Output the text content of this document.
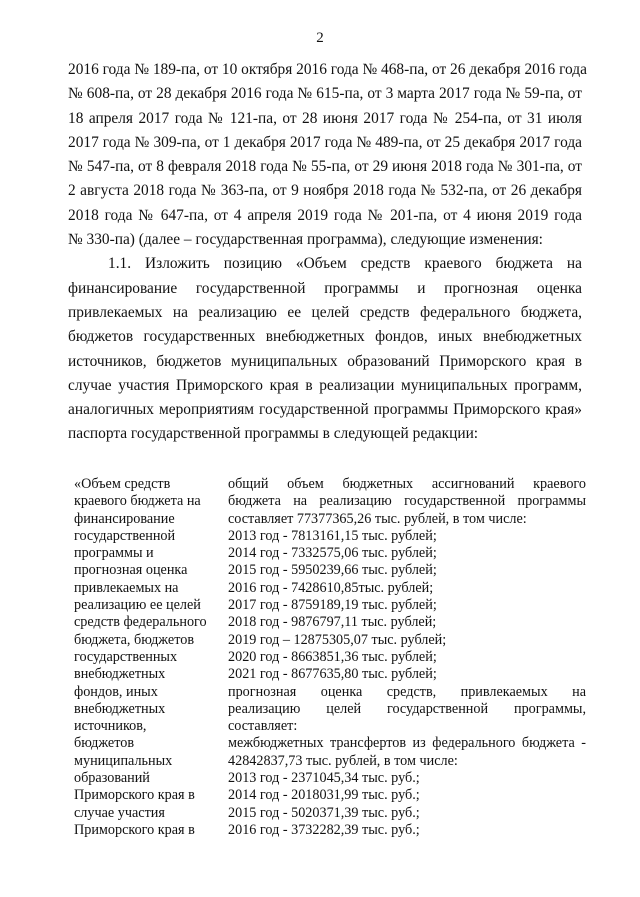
2
2016 года № 189-па, от 10 октября 2016 года № 468-па, от 26 декабря 2016 года
№ 608-па, от 28 декабря 2016 года № 615-па, от 3 марта 2017 года № 59-па, от
18 апреля 2017 года № 121-па, от 28 июня 2017 года № 254-па, от 31 июля
2017 года № 309-па, от 1 декабря 2017 года № 489-па, от 25 декабря 2017 года
№ 547-па, от 8 февраля 2018 года № 55-па, от 29 июня 2018 года № 301-па, от
2 августа 2018 года № 363-па, от 9 ноября 2018 года № 532-па, от 26 декабря
2018 года № 647-па, от 4 апреля 2019 года № 201-па, от 4 июня 2019 года
№ 330-па) (далее – государственная программа), следующие изменения:
1.1. Изложить позицию «Объем средств краевого бюджета на
финансирование государственной программы и прогнозная оценка
привлекаемых на реализацию ее целей средств федерального бюджета,
бюджетов государственных внебюджетных фондов, иных внебюджетных
источников, бюджетов муниципальных образований Приморского края в
случае участия Приморского края в реализации муниципальных программ,
аналогичных мероприятиям государственной программы Приморского края»
паспорта государственной программы в следующей редакции:
«Объем средств
краевого бюджета на
финансирование
государственной
программы и
прогнозная оценка
привлекаемых на
реализацию ее целей
средств федерального
бюджета, бюджетов
государственных
внебюджетных
фондов, иных
внебюджетных
источников,
бюджетов
муниципальных
образований
Приморского края в
случае участия
Приморского края в
общий объем бюджетных ассигнований краевого
бюджета на реализацию государственной программы
составляет 77377365,26 тыс. рублей, в том числе:
2013 год - 7813161,15 тыс. рублей;
2014 год - 7332575,06 тыс. рублей;
2015 год - 5950239,66 тыс. рублей;
2016 год - 7428610,85тыс. рублей;
2017 год - 8759189,19 тыс. рублей;
2018 год - 9876797,11 тыс. рублей;
2019 год – 12875305,07 тыс. рублей;
2020 год - 8663851,36 тыс. рублей;
2021 год - 8677635,80 тыс. рублей;
прогнозная оценка средств, привлекаемых на
реализацию целей государственной программы,
составляет:
межбюджетных трансфертов из федерального бюджета -
42842837,73 тыс. рублей, в том числе:
2013 год - 2371045,34 тыс. руб.;
2014 год - 2018031,99 тыс. руб.;
2015 год - 5020371,39 тыс. руб.;
2016 год - 3732282,39 тыс. руб.;
